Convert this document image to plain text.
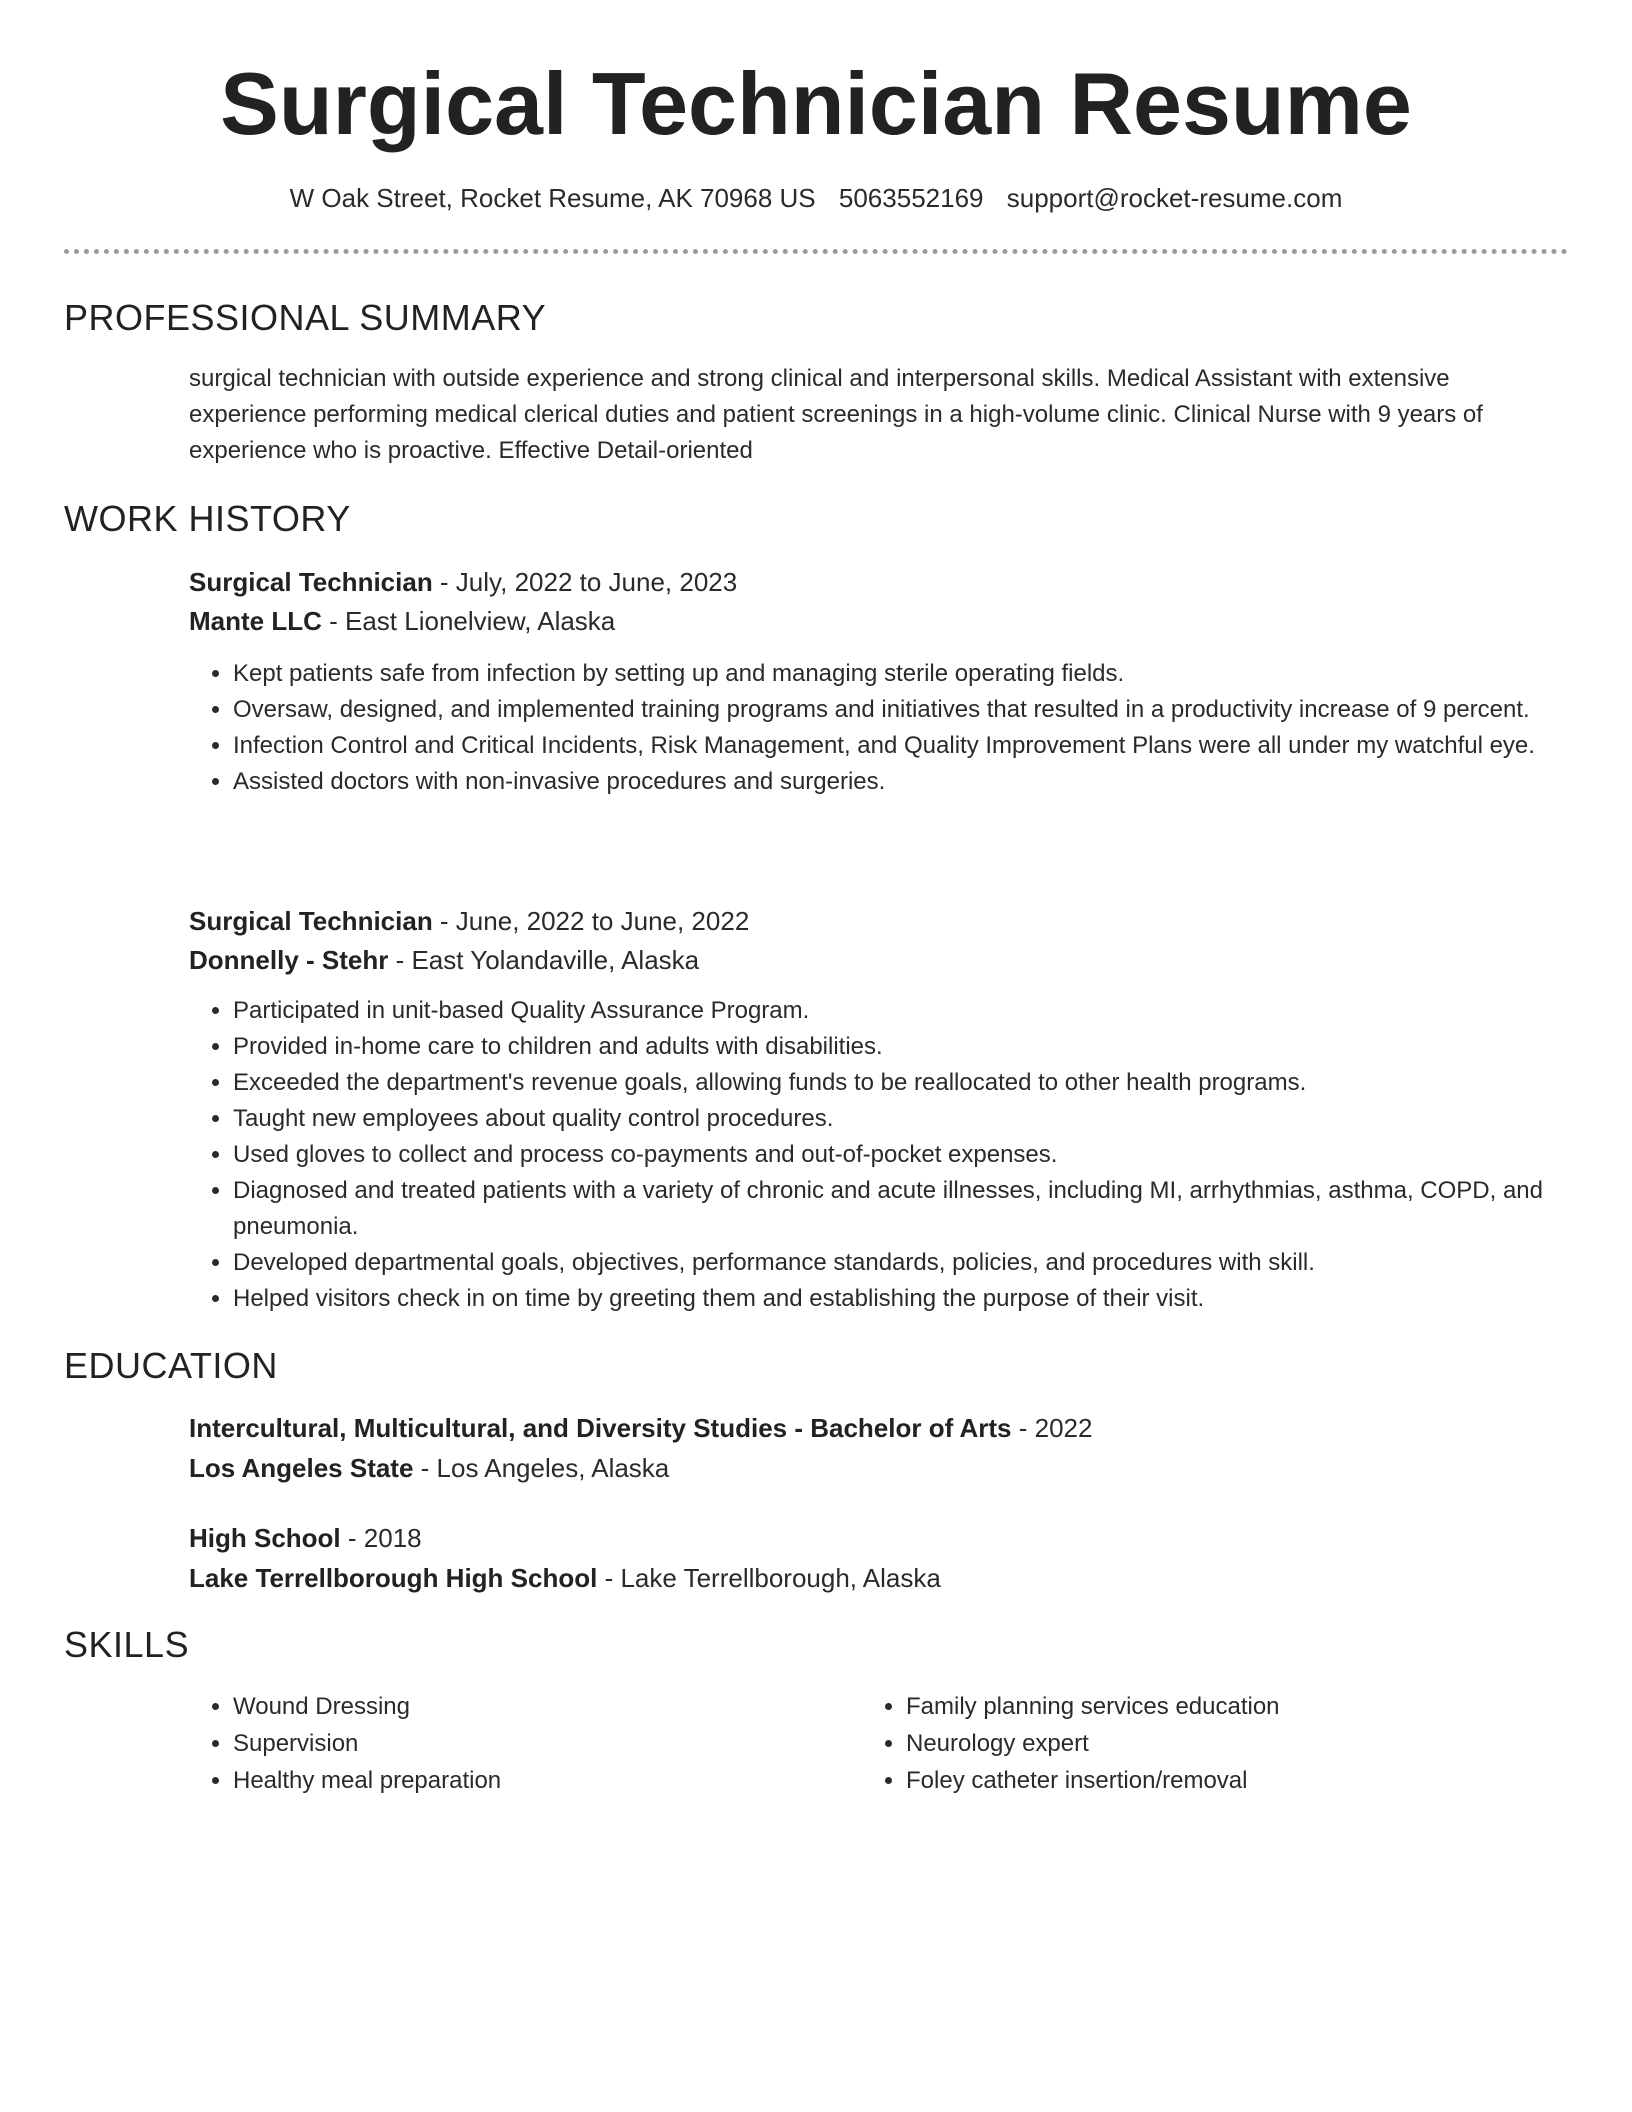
Surgical Technician Resume
W Oak Street, Rocket Resume, AK 70968 US 5063552169 support@rocket-resume.com
PROFESSIONAL SUMMARY
surgical technician with outside experience and strong clinical and interpersonal skills. Medical Assistant with extensive experience performing medical clerical duties and patient screenings in a high-volume clinic. Clinical Nurse with 9 years of experience who is proactive. Effective Detail-oriented
WORK HISTORY
Surgical Technician - July, 2022 to June, 2023
Mante LLC - East Lionelview, Alaska
• Kept patients safe from infection by setting up and managing sterile operating fields.
• Oversaw, designed, and implemented training programs and initiatives that resulted in a productivity increase of 9 percent.
• Infection Control and Critical Incidents, Risk Management, and Quality Improvement Plans were all under my watchful eye.
• Assisted doctors with non-invasive procedures and surgeries.
Surgical Technician - June, 2022 to June, 2022
Donnelly - Stehr - East Yolandaville, Alaska
• Participated in unit-based Quality Assurance Program.
• Provided in-home care to children and adults with disabilities.
• Exceeded the department's revenue goals, allowing funds to be reallocated to other health programs.
• Taught new employees about quality control procedures.
• Used gloves to collect and process co-payments and out-of-pocket expenses.
• Diagnosed and treated patients with a variety of chronic and acute illnesses, including MI, arrhythmias, asthma, COPD, and pneumonia.
• Developed departmental goals, objectives, performance standards, policies, and procedures with skill.
• Helped visitors check in on time by greeting them and establishing the purpose of their visit.
EDUCATION
Intercultural, Multicultural, and Diversity Studies - Bachelor of Arts - 2022
Los Angeles State - Los Angeles, Alaska
High School - 2018
Lake Terrellborough High School - Lake Terrellborough, Alaska
SKILLS
• Wound Dressing
• Supervision
• Healthy meal preparation
• Family planning services education
• Neurology expert
• Foley catheter insertion/removal
